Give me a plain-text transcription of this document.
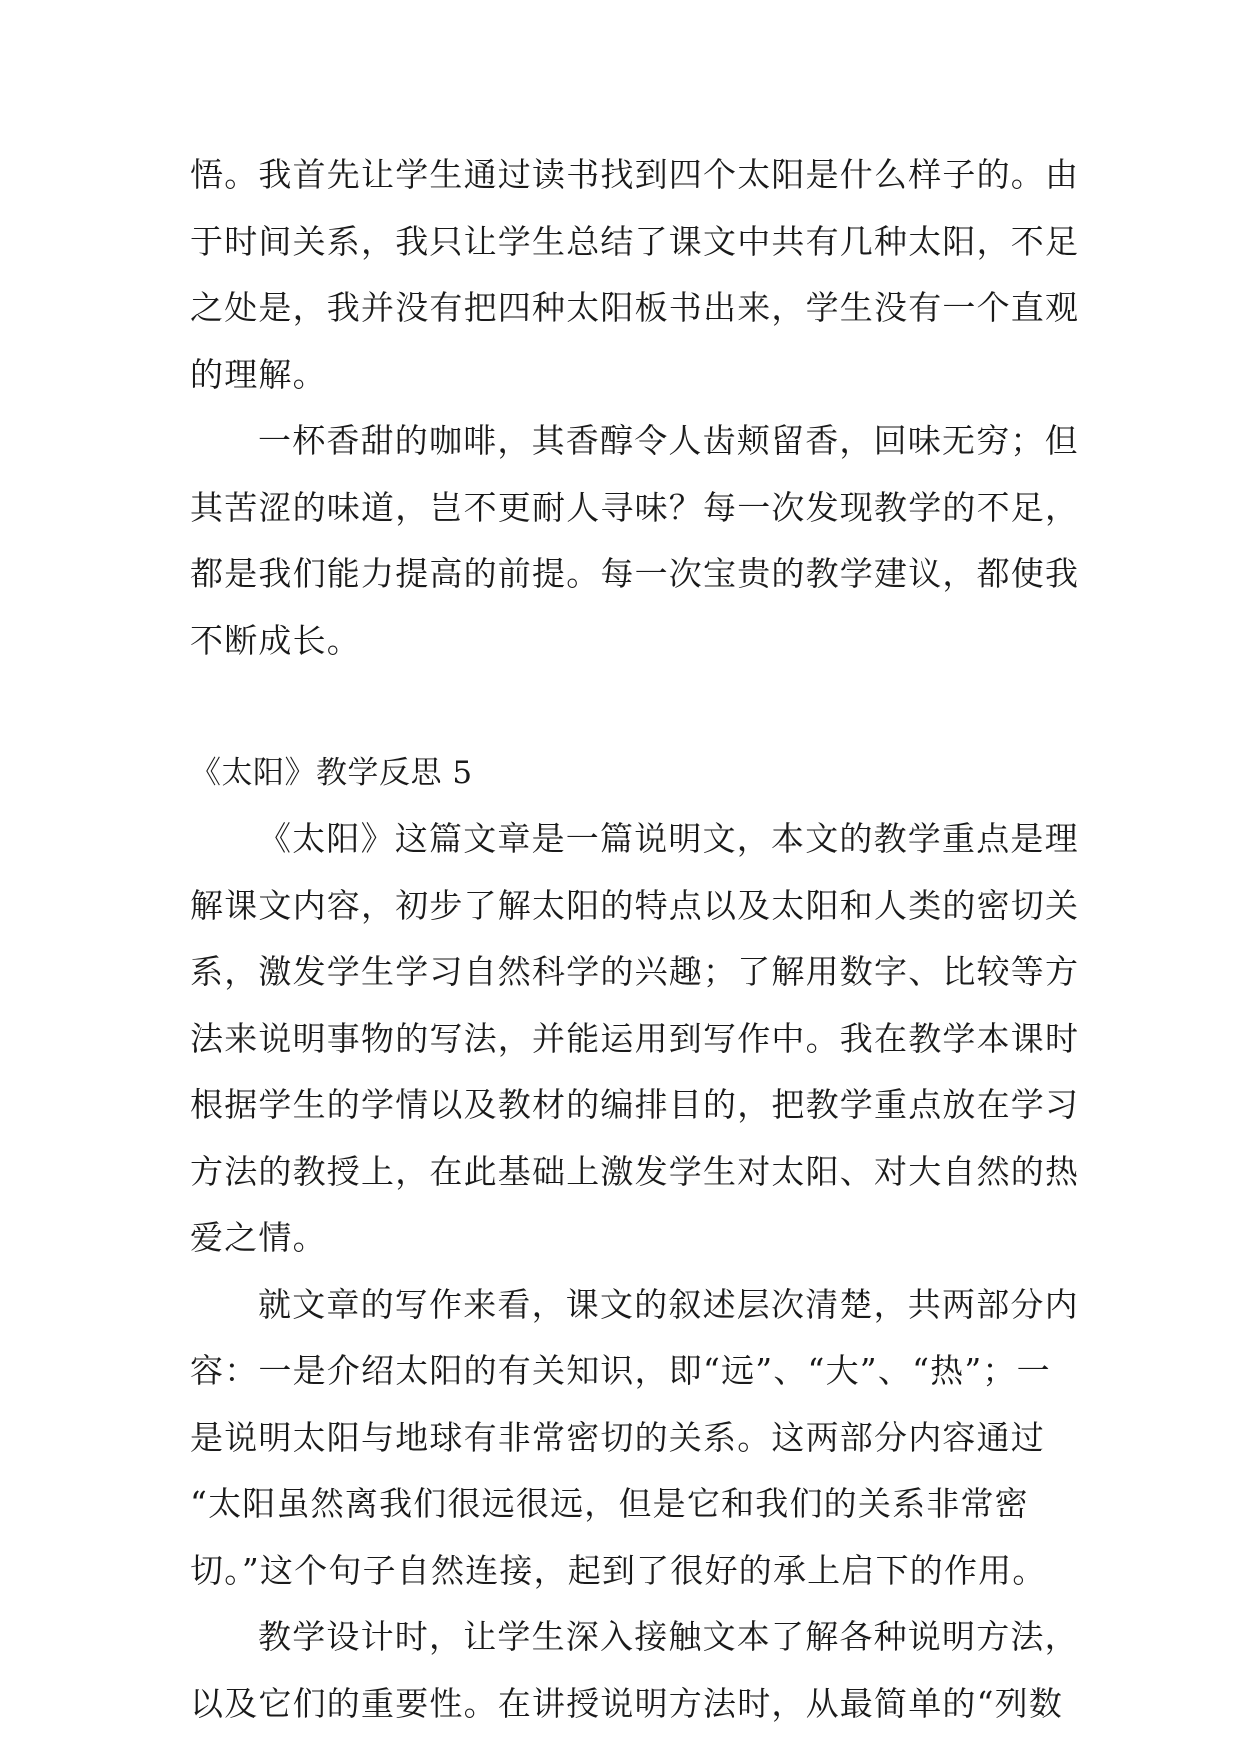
悟。我首先让学生通过读书找到四个太阳是什么样子的。由
于时间关系，我只让学生总结了课文中共有几种太阳，不足
之处是，我并没有把四种太阳板书出来，学生没有一个直观
的理解。
一杯香甜的咖啡，其香醇令人齿颊留香，回味无穷；但
其苦涩的味道，岂不更耐人寻味？每一次发现教学的不足，
都是我们能力提高的前提。每一次宝贵的教学建议，都使我
不断成长。
《太阳》教学反思 5
《太阳》这篇文章是一篇说明文，本文的教学重点是理
解课文内容，初步了解太阳的特点以及太阳和人类的密切关
系，激发学生学习自然科学的兴趣；了解用数字、比较等方
法来说明事物的写法，并能运用到写作中。我在教学本课时
根据学生的学情以及教材的编排目的，把教学重点放在学习
方法的教授上，在此基础上激发学生对太阳、对大自然的热
爱之情。
就文章的写作来看，课文的叙述层次清楚，共两部分内
容：一是介绍太阳的有关知识，即“远”、“大”、“热”；一
是说明太阳与地球有非常密切的关系。这两部分内容通过
“太阳虽然离我们很远很远，但是它和我们的关系非常密
切。”这个句子自然连接，起到了很好的承上启下的作用。
教学设计时，让学生深入接触文本了解各种说明方法，
以及它们的重要性。在讲授说明方法时，从最简单的“列数
